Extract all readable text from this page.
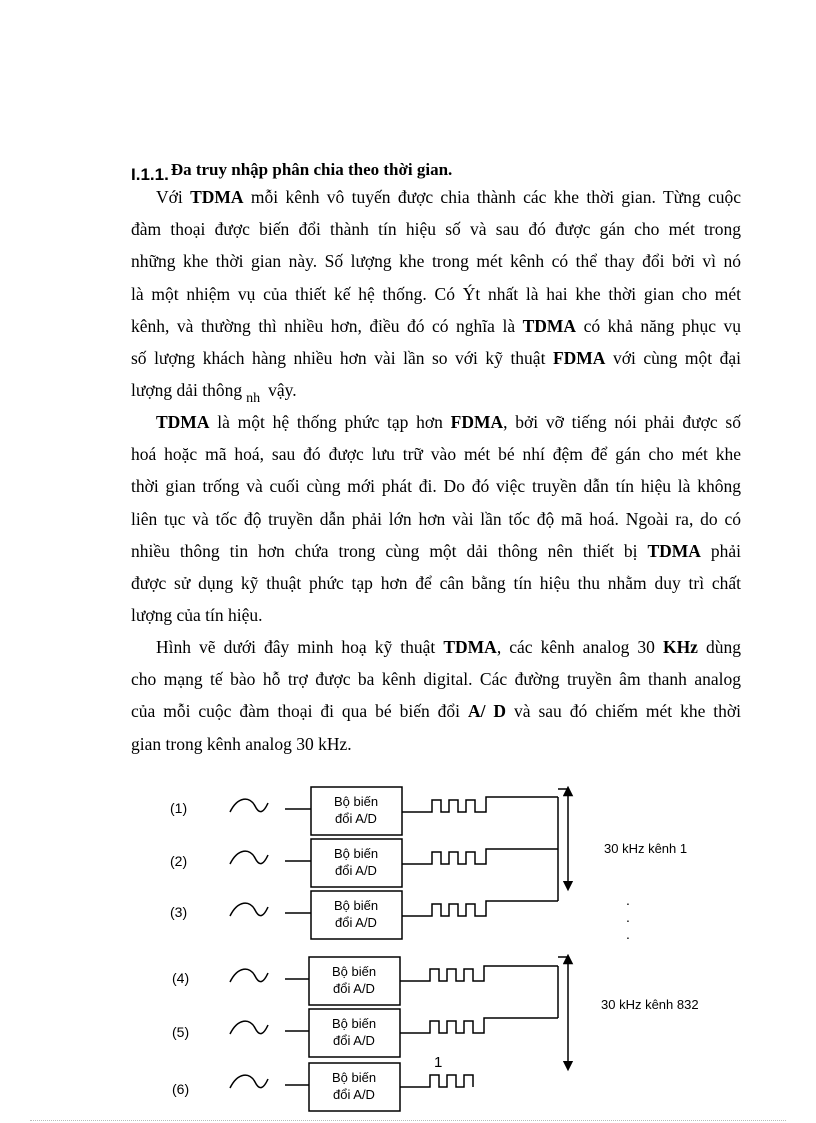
I.1.1. Đa truy nhập phân chia theo thời gian.
Với TDMA mỗi kênh vô tuyến được chia thành các khe thời gian. Từng cuộc
đàm thoại được biến đổi thành tín hiệu số và sau đó được gán cho mét trong
những khe thời gian này. Số lượng khe trong mét kênh có thể thay đổi bởi vì nó
là một nhiệm vụ của thiết kế hệ thống. Có Ýt nhất là hai khe thời gian cho mét
kênh, và thường thì nhiều hơn, điều đó có nghĩa là TDMA có khả năng phục vụ
số lượng khách hàng nhiều hơn vài lần so với kỹ thuật FDMA với cùng một đại
lượng dải thông $_{nh}$ vậy.
TDMA là một hệ thống phức tạp hơn FDMA, bởi vỡ tiếng nói phải được số
hoá hoặc mã hoá, sau đó được lưu trữ vào mét bé nhí đệm để gán cho mét khe
thời gian trống và cuối cùng mới phát đi. Do đó việc truyền dẫn tín hiệu là không
liên tục và tốc độ truyền dẫn phải lớn hơn vài lần tốc độ mã hoá. Ngoài ra, do có
nhiều thông tin hơn chứa trong cùng một dải thông nên thiết bị TDMA phải
được sử dụng kỹ thuật phức tạp hơn để cân bằng tín hiệu thu nhằm duy trì chất
lượng của tín hiệu.
Hình vẽ dưới đây minh hoạ kỹ thuật TDMA, các kênh analog 30 KHz dùng
cho mạng tế bào hỗ trợ được ba kênh digital. Các đường truyền âm thanh analog
của mỗi cuộc đàm thoại đi qua bé biến đổi A/ D và sau đó chiếm mét khe thời
gian trong kênh analog 30 kHz.
(1)	Bộ biến
đổi A/D
(2)	Bộ biến
đổi A/D
(3)	Bộ biến
đổi A/D
30 kHz kênh 1
.
.
.
(4)	Bộ biến
đổi A/D
(5)
Bộ biến
đổi A/D
(6)
Bộ biến
đổi A/D
1
30 kHz kênh 832
